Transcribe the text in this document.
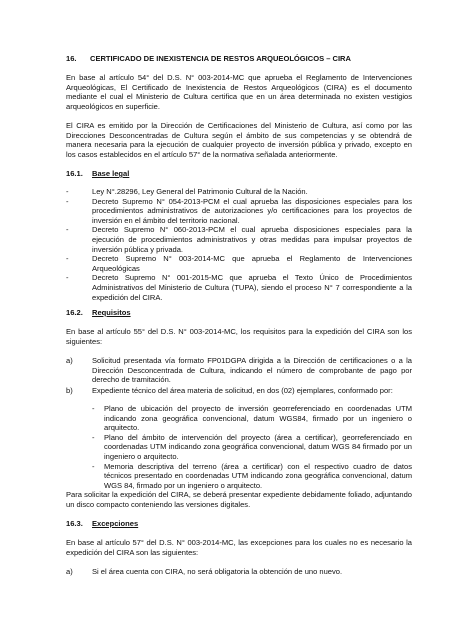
16.	CERTIFICADO DE INEXISTENCIA DE RESTOS ARQUEOLÓGICOS – CIRA

En base al artículo 54° del D.S. N° 003-2014-MC que aprueba el Reglamento de Intervenciones Arqueológicas, El Certificado de Inexistencia de Restos Arqueológicos (CIRA) es el documento mediante el cual el Ministerio de Cultura certifica que en un área determinada no existen vestigios arqueológicos en superficie.

El CIRA es emitido por la Dirección de Certificaciones del Ministerio de Cultura, así como por las Direcciones Desconcentradas de Cultura según el ámbito de sus competencias y se obtendrá de manera necesaria para la ejecución de cualquier proyecto de inversión pública y privado, excepto en los casos establecidos en el artículo 57° de la normativa señalada anteriormente.

16.1.	Base legal
-	Ley N°.28296, Ley General del Patrimonio Cultural de la Nación.
-	Decreto Supremo N° 054-2013-PCM el cual aprueba las disposiciones especiales para los procedimientos administrativos de autorizaciones y/o certificaciones para los proyectos de inversión en el ámbito del territorio nacional.
-	Decreto Supremo N° 060-2013-PCM el cual aprueba disposiciones especiales para la ejecución de procedimientos administrativos y otras medidas para impulsar proyectos de inversión pública y privada.
-	Decreto Supremo N° 003-2014-MC que aprueba el Reglamento de Intervenciones Arqueológicas
-	Decreto Supremo N° 001-2015-MC que aprueba el Texto Único de Procedimientos Administrativos del Ministerio de Cultura (TUPA), siendo el proceso N° 7 correspondiente a la expedición del CIRA.
16.2.	Requisitos

En base al artículo 55° del D.S. N° 003-2014-MC, los requisitos para la expedición del CIRA son los siguientes:

a)	Solicitud presentada vía formato FP01DGPA dirigida a la Dirección de certificaciones o a la Dirección Desconcentrada de Cultura, indicando el número de comprobante de pago por derecho de tramitación.
b)	Expediente técnico del área materia de solicitud, en dos (02) ejemplares, conformado por:
-	Plano de ubicación del proyecto de inversión georreferenciado en coordenadas UTM indicando zona geográfica convencional, datum WGS84, firmado por un ingeniero o arquitecto.
-	Plano del ámbito de intervención del proyecto (área a certificar), georreferenciado en coordenadas UTM indicando zona geográfica convencional, datum WGS 84 firmado por un ingeniero o arquitecto.
-	Memoria descriptiva del terreno (área a certificar) con el respectivo cuadro de datos técnicos presentado en coordenadas UTM indicando zona geográfica convencional, datum WGS 84, firmado por un ingeniero o arquitecto.

Para solicitar la expedición del CIRA, se deberá presentar expediente debidamente foliado, adjuntando un disco compacto conteniendo las versiones digitales.

16.3.	Excepciones

En base al artículo 57° del D.S. N° 003-2014-MC, las excepciones para los cuales no es necesario la expedición del CIRA son las siguientes:

a)	Si el área cuenta con CIRA, no será obligatoria la obtención de uno nuevo.
